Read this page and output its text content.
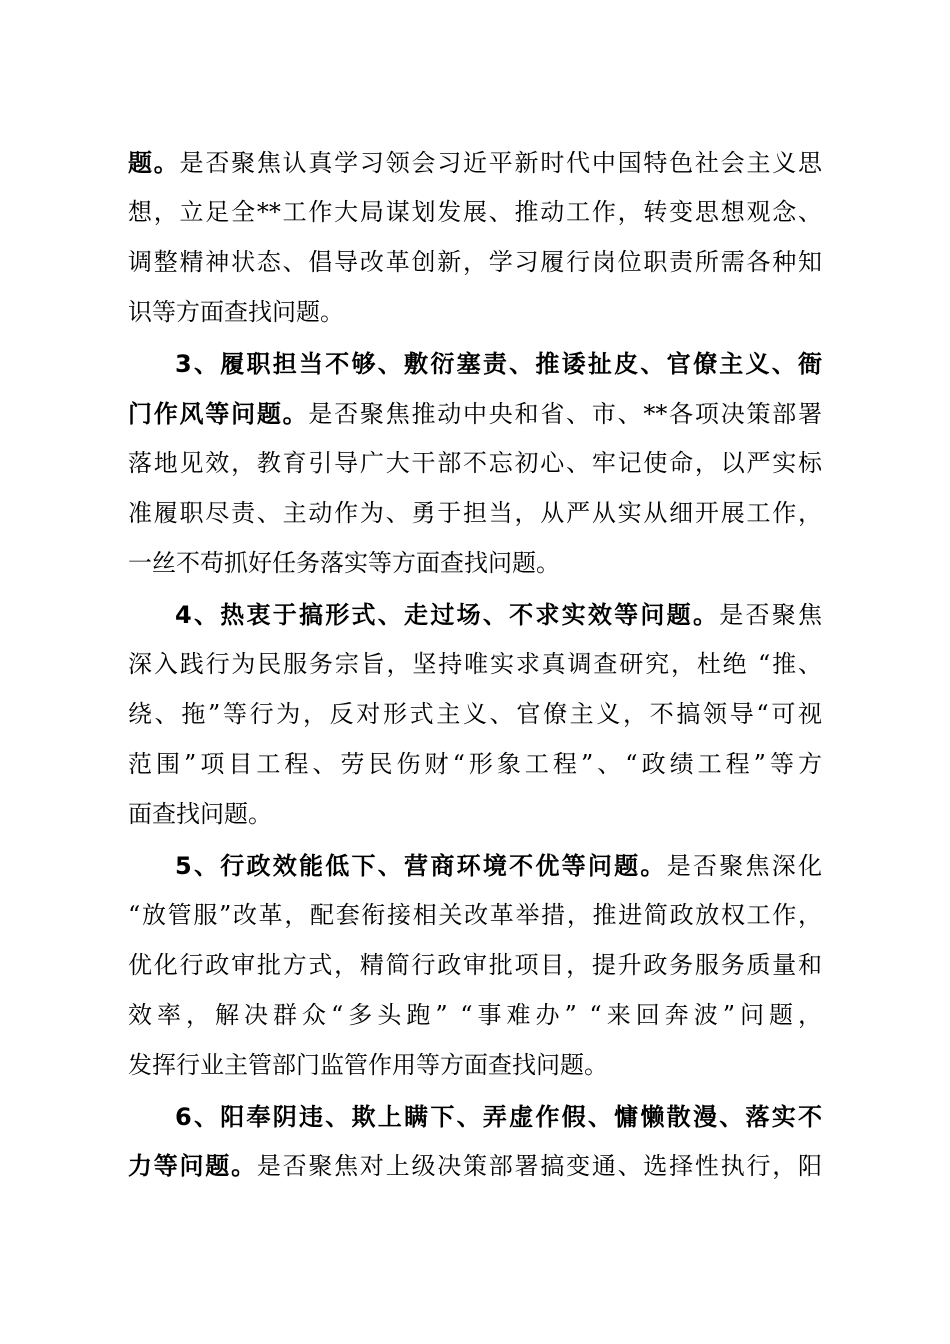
题。是否聚焦认真学习领会习近平新时代中国特色社会主义思
想，立足全**工作大局谋划发展、推动工作，转变思想观念、
调整精神状态、倡导改革创新，学习履行岗位职责所需各种知
识等方面查找问题。
3、履职担当不够、敷衍塞责、推诿扯皮、官僚主义、衙
门作风等问题。是否聚焦推动中央和省、市、**各项决策部署
落地见效，教育引导广大干部不忘初心、牢记使命，以严实标
准履职尽责、主动作为、勇于担当，从严从实从细开展工作，
一丝不苟抓好任务落实等方面查找问题。
4、热衷于搞形式、走过场、不求实效等问题。是否聚焦
深入践行为民服务宗旨，坚持唯实求真调查研究，杜绝 “推、
绕、拖”等行为，反对形式主义、官僚主义，不搞领导“可视
范围”项目工程、劳民伤财“形象工程”、“政绩工程”等方
面查找问题。
5、行政效能低下、营商环境不优等问题。是否聚焦深化
“放管服”改革，配套衔接相关改革举措，推进简政放权工作，
优化行政审批方式，精简行政审批项目，提升政务服务质量和
效率，解决群众“多头跑” “事难办” “来回奔波”问题，
发挥行业主管部门监管作用等方面查找问题。
6、阳奉阴违、欺上瞒下、弄虚作假、慵懒散漫、落实不
力等问题。是否聚焦对上级决策部署搞变通、选择性执行，阳
